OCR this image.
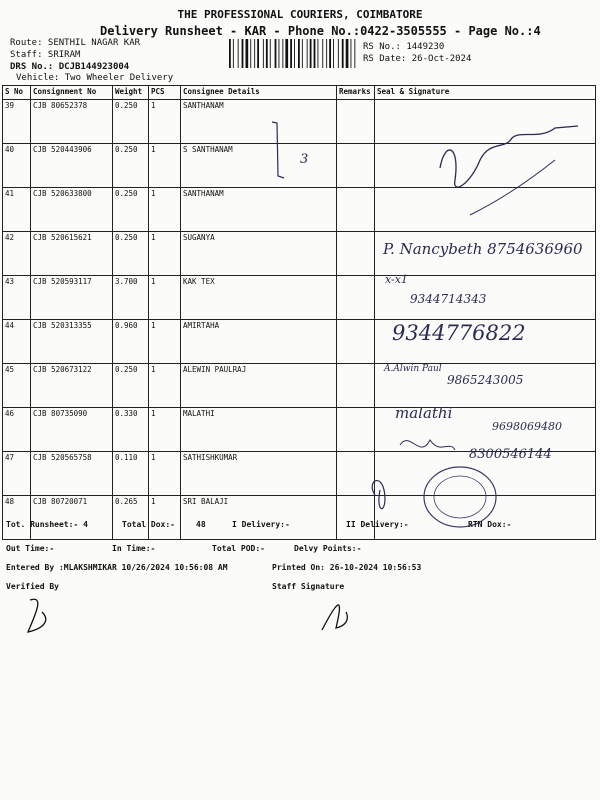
THE PROFESSIONAL COURIERS, COIMBATORE
Delivery Runsheet - KAR - Phone No.:0422-3505555 - Page No.:4
Route: SENTHIL NAGAR KAR
Staff: SRIRAM
DRS No.: DCJB144923004
Vehicle: Two Wheeler Delivery
RS No.: 1449230
RS Date: 26-Oct-2024
S No	Consignment No	Weight	PCS	Consignee Details	Remarks	Seal & Signature
39	CJB 80652378	0.250	1	SANTHANAM		
40	CJB 520443906	0.250	1	S SANTHANAM		
41	CJB 520633800	0.250	1	SANTHANAM		
42	CJB 520615621	0.250	1	SUGANYA		
43	CJB 520593117	3.700	1	KAK TEX		
44	CJB 520313355	0.960	1	AMIRTAHA		
45	CJB 520673122	0.250	1	ALEWIN PAULRAJ		
46	CJB 80735090	0.330	1	MALATHI		
47	CJB 520565758	0.110	1	SATHISHKUMAR		
48	CJB 80720071	0.265	1	SRI BALAJI		
3
P. Nancybeth 8754636960
x-x1
9344714343
9344776822
A.Alwin Paul
9865243005
malathi
9698069480
8300546144
Tot. Runsheet:- 4	Total Dox:-	48	I Delivery:-	II Delivery:-	RTN Dox:-
Out Time:-	In Time:-	Total POD:-	Delvy Points:-
Entered By :MLAKSHMIKAR 10/26/2024 10:56:08 AM	Printed On: 26-10-2024 10:56:53
Verified By	Staff Signature
